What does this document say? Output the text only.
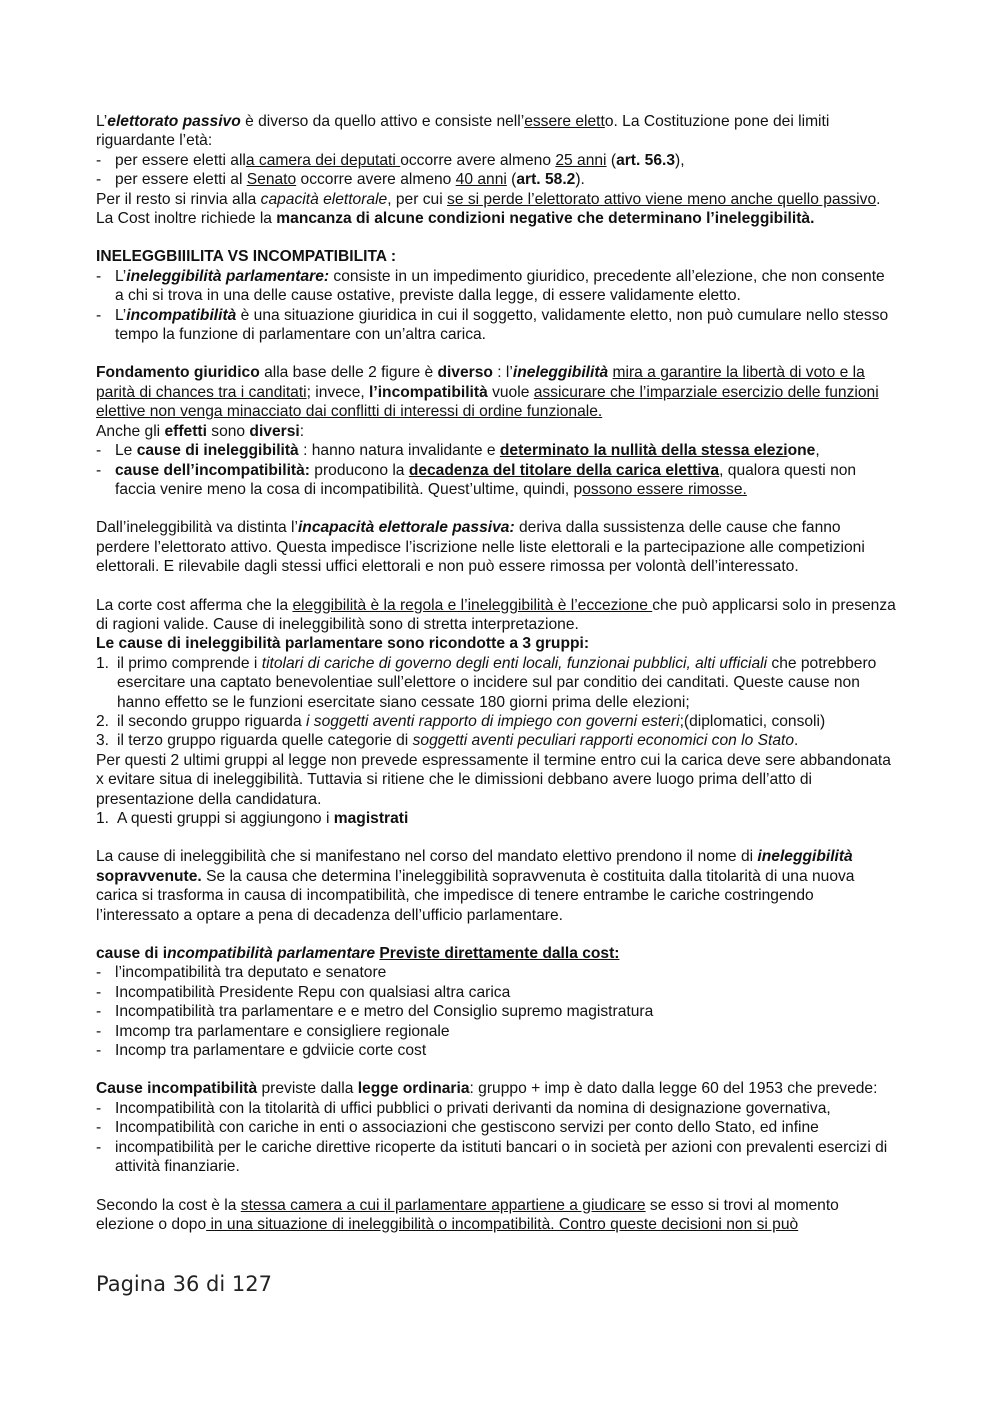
L’elettorato passivo è diverso da quello attivo e consiste nell’essere eletto. La Costituzione pone dei limiti riguardante l’età:

- per essere eletti alla camera dei deputati occorre avere almeno 25 anni (art. 56.3),
- per essere eletti al Senato occorre avere almeno 40 anni (art. 58.2).

Per il resto si rinvia alla capacità elettorale, per cui se si perde l’elettorato attivo viene meno anche quello passivo.

La Cost inoltre richiede la mancanza di alcune condizioni negative che determinano l’ineleggibilità.

INELEGGBIIILITA VS INCOMPATIBILITA :

- L’ineleggibilità parlamentare: consiste in un impedimento giuridico, precedente all’elezione, che non consente a chi si trova in una delle cause ostative, previste dalla legge, di essere validamente eletto.
- L’incompatibilità è una situazione giuridica in cui il soggetto, validamente eletto, non può cumulare nello stesso tempo la funzione di parlamentare con un’altra carica.

Fondamento giuridico alla base delle 2 figure è diverso : l’ineleggibilità mira a garantire la libertà di voto e la parità di chances tra i canditati; invece, l’incompatibilità vuole assicurare che l’imparziale esercizio delle funzioni elettive non venga minacciato dai conflitti di interessi di ordine funzionale.

Anche gli effetti sono diversi:

- Le cause di ineleggibilità : hanno natura invalidante e determinato la nullità della stessa elezione,
- cause dell’incompatibilità: producono la decadenza del titolare della carica elettiva, qualora questi non faccia venire meno la cosa di incompatibilità. Quest’ultime, quindi, possono essere rimosse.

Dall’ineleggibilità va distinta l’incapacità elettorale passiva: deriva dalla sussistenza delle cause che fanno perdere l’elettorato attivo. Questa impedisce l’iscrizione nelle liste elettorali e la partecipazione alle competizioni elettorali. E rilevabile dagli stessi uffici elettorali e non può essere rimossa per volontà dell’interessato.

La corte cost afferma che la eleggibilità è la regola e l’ineleggibilità è l’eccezione che può applicarsi solo in presenza di ragioni valide. Cause di ineleggibilità sono di stretta interpretazione.

Le cause di ineleggibilità parlamentare sono ricondotte a 3 gruppi:

1. il primo comprende i titolari di cariche di governo degli enti locali, funzionai pubblici, alti ufficiali che potrebbero esercitare una captato benevolentiae sull’elettore o incidere sul par conditio dei canditati. Queste cause non hanno effetto se le funzioni esercitate siano cessate 180 giorni prima delle elezioni;
2. il secondo gruppo riguarda i soggetti aventi rapporto di impiego con governi esteri;(diplomatici, consoli)
3. il terzo gruppo riguarda quelle categorie di soggetti aventi peculiari rapporti economici con lo Stato.

Per questi 2 ultimi gruppi al legge non prevede espressamente il termine entro cui la carica deve sere abbandonata x evitare situa di ineleggibilità. Tuttavia si ritiene che le dimissioni debbano avere luogo prima dell’atto di presentazione della candidatura.

1. A questi gruppi si aggiungono i magistrati

La cause di ineleggibilità che si manifestano nel corso del mandato elettivo prendono il nome di ineleggibilità sopravvenute. Se la causa che determina l’ineleggibilità sopravvenuta è costituita dalla titolarità di una nuova carica si trasforma in causa di incompatibilità, che impedisce di tenere entrambe le cariche costringendo l’interessato a optare a pena di decadenza dell’ufficio parlamentare.

cause di incompatibilità parlamentare Previste direttamente dalla cost:

- l’incompatibilità tra deputato e senatore
- Incompatibilità Presidente Repu con qualsiasi altra carica
- Incompatibilità tra parlamentare e e metro del Consiglio supremo magistratura
- Imcomp tra parlamentare e consigliere regionale
- Incomp tra parlamentare e gdviicie corte cost

Cause incompatibilità previste dalla legge ordinaria: gruppo + imp è dato dalla legge 60 del 1953 che prevede:

- Incompatibilità con la titolarità di uffici pubblici o privati derivanti da nomina di designazione governativa,
- Incompatibilità con cariche in enti o associazioni che gestiscono servizi per conto dello Stato, ed infine
- incompatibilità per le cariche direttive ricoperte da istituti bancari o in società per azioni con prevalenti esercizi di attività finanziarie.

Secondo la cost è la stessa camera a cui il parlamentare appartiene a giudicare se esso si trovi al momento elezione o dopo in una situazione di ineleggibilità o incompatibilità. Contro queste decisioni non si può

Pagina 36 di 127
